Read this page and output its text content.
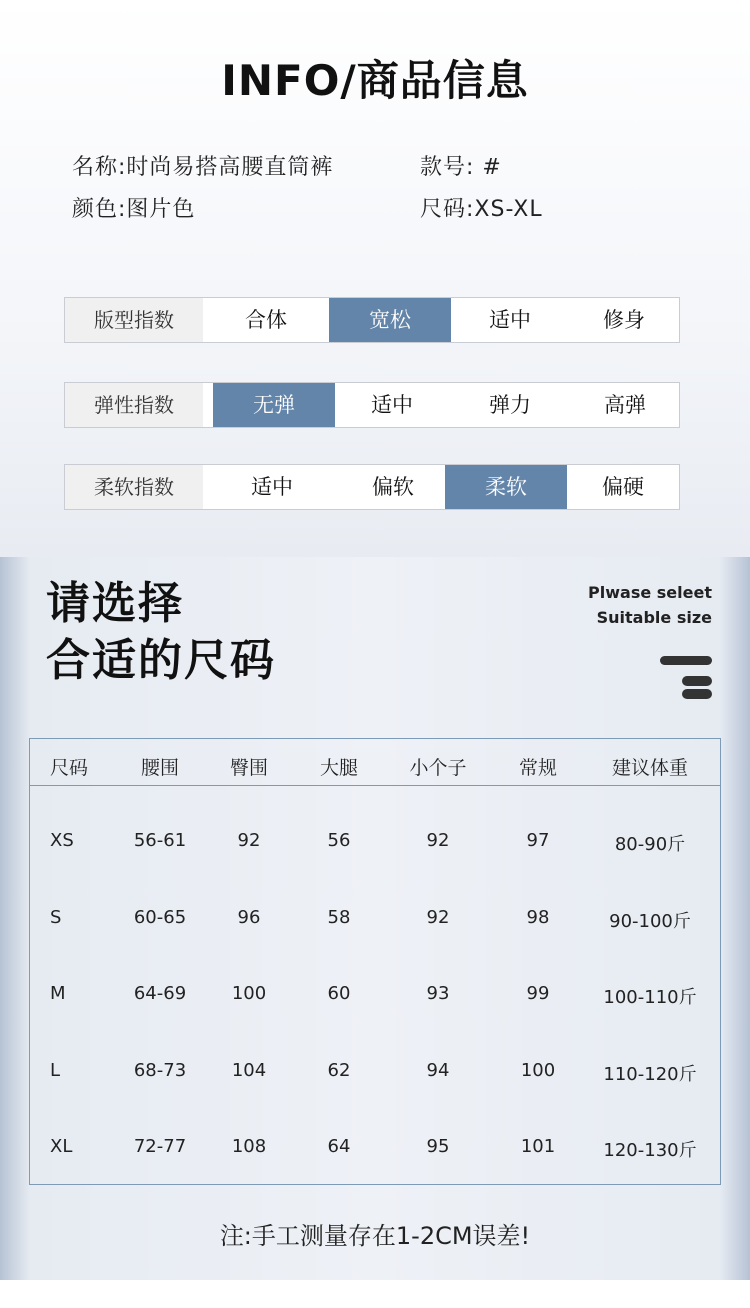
INFO/商品信息
名称:时尚易搭高腰直筒裤	款号: #
颜色:图片色	尺码:XS-XL
版型指数	合体	宽松	适中	修身
弹性指数	无弹	适中	弹力	高弹
柔软指数	适中	偏软	柔软	偏硬
请选择
合适的尺码
Plwase seleet
Suitable size
尺码	腰围	臀围	大腿	小个子	常规	建议体重
XS	56-61	92	56	92	97	80-90斤
S	60-65	96	58	92	98	90-100斤
M	64-69	100	60	93	99	100-110斤
L	68-73	104	62	94	100	110-120斤
XL	72-77	108	64	95	101	120-130斤
注:手工测量存在1-2CM误差!
